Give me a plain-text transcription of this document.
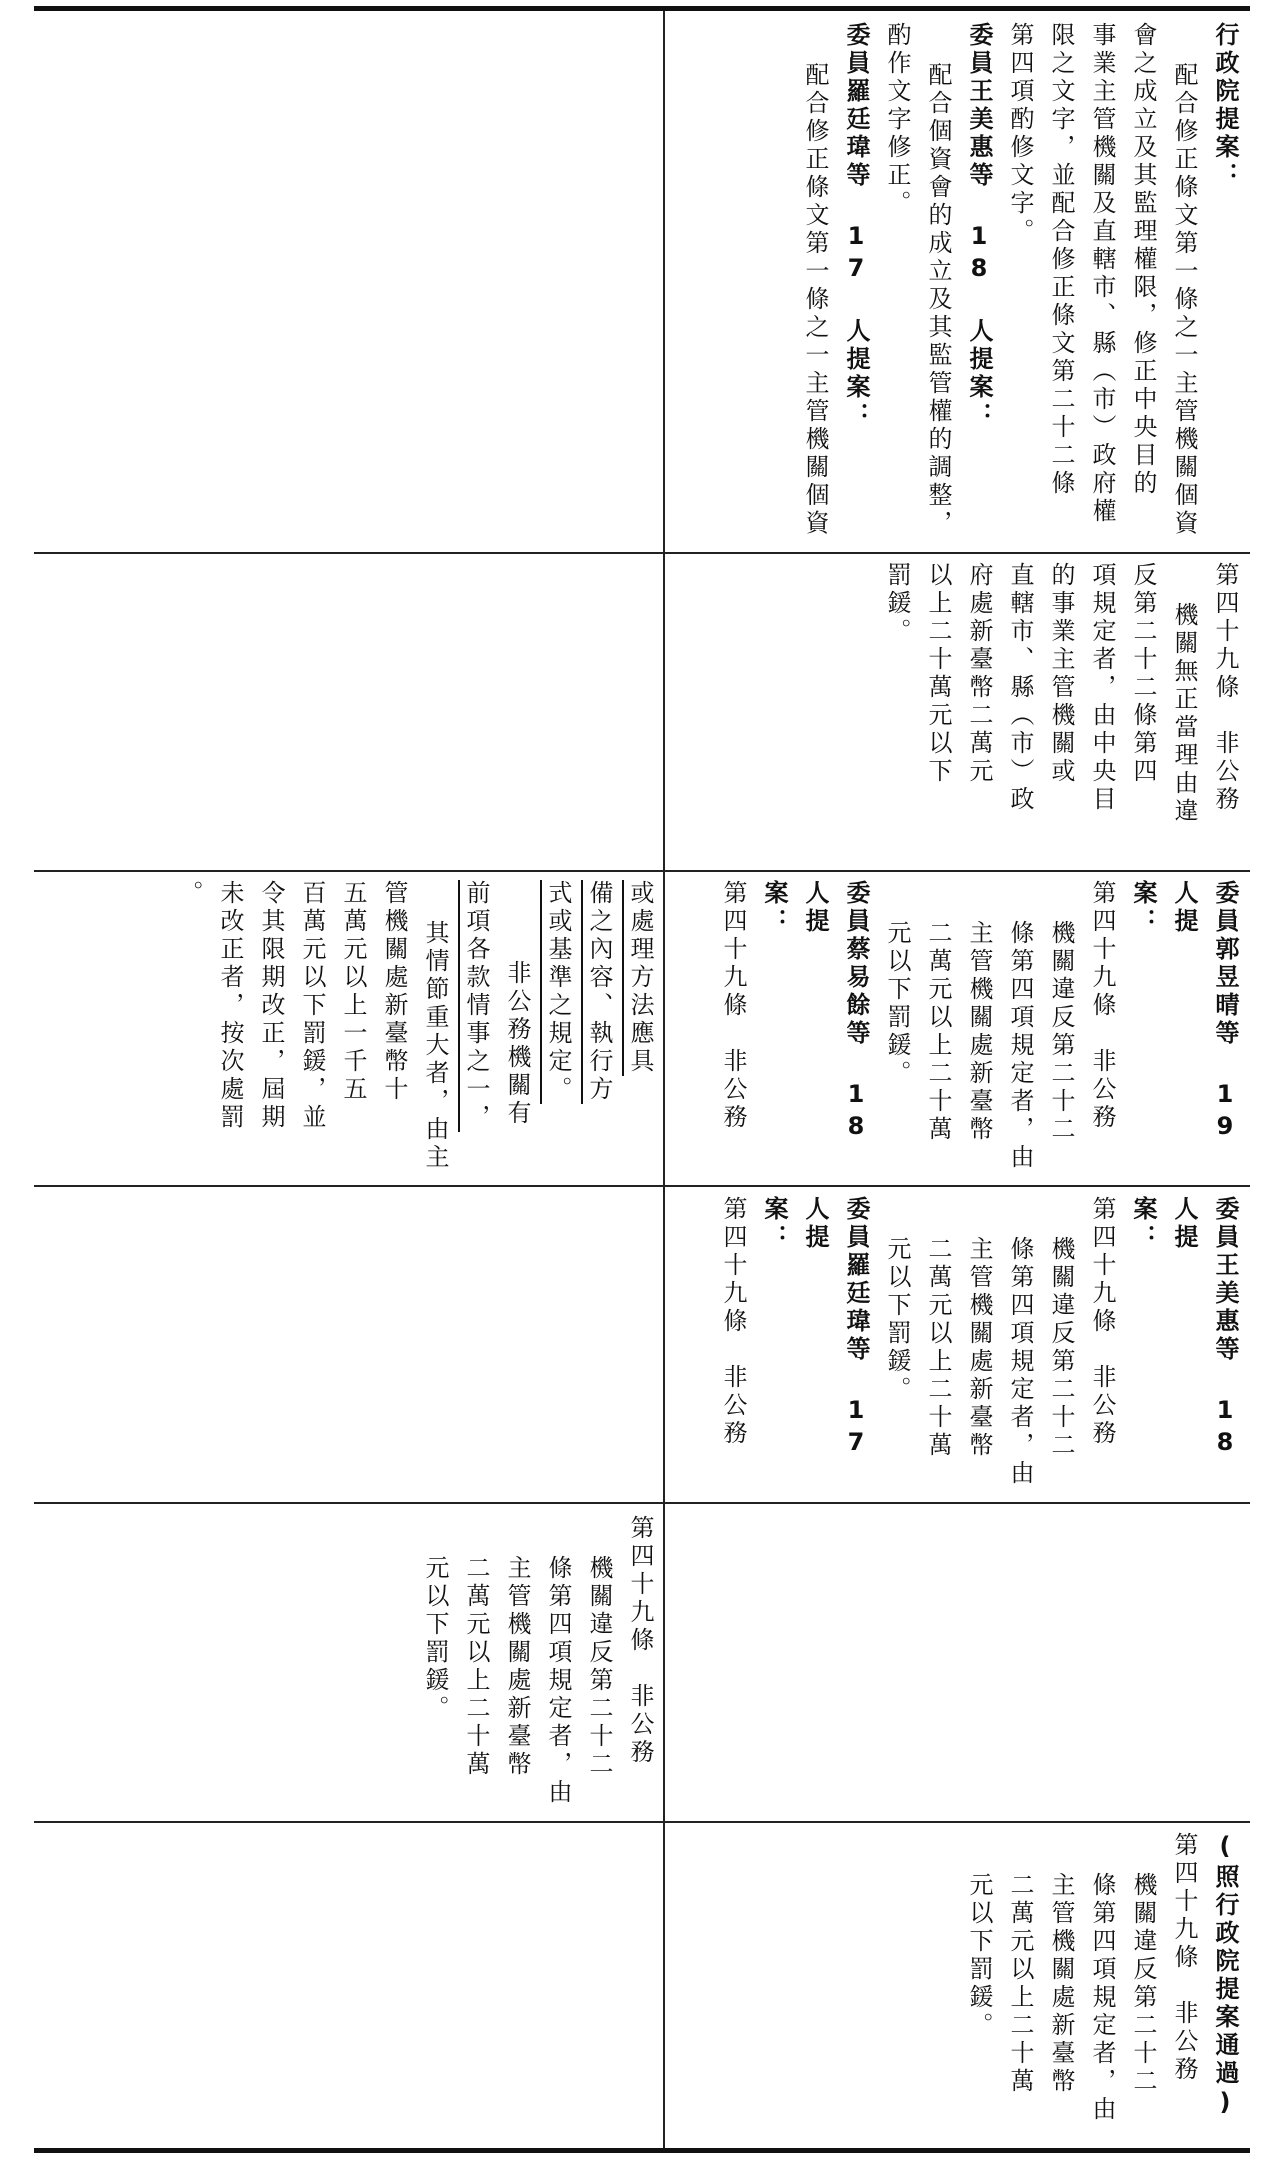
或處理方法應具
備之內容、執行方
式或基準之規定。
非公務機關有
前項各款情事之一，
其情節重大者，由主
管機關處新臺幣十
五萬元以上一千五
百萬元以下罰鍰，並
令其限期改正，屆期
未改正者，按次處罰
。
第四十九條　非公務
機關違反第二十二
條第四項規定者，由
主管機關處新臺幣
二萬元以上二十萬
元以下罰鍰。
行政院提案：
配合修正條文第一條之一主管機關個資
會之成立及其監理權限，修正中央目的
事業主管機關及直轄市、縣（市）政府權
限之文字，並配合修正條文第二十二條
第四項酌修文字。
委員王美惠等 18 人提案：
配合個資會的成立及其監管權的調整，
酌作文字修正。
委員羅廷瑋等 17 人提案：
配合修正條文第一條之一主管機關個資
第四十九條　非公務
機關無正當理由違
反第二十二條第四
項規定者，由中央目
的事業主管機關或
直轄市、縣（市）政
府處新臺幣二萬元
以上二十萬元以下
罰鍰。
委員郭昱晴等 19 人提
案：
第四十九條　非公務
機關違反第二十二
條第四項規定者，由
主管機關處新臺幣
二萬元以上二十萬
元以下罰鍰。
委員蔡易餘等 18 人提
案：
第四十九條　非公務
委員王美惠等 18 人提
案：
第四十九條　非公務
機關違反第二十二
條第四項規定者，由
主管機關處新臺幣
二萬元以上二十萬
元以下罰鍰。
委員羅廷瑋等 17 人提
案：
第四十九條　非公務
(照行政院提案通過)
第四十九條　非公務
機關違反第二十二
條第四項規定者，由
主管機關處新臺幣
二萬元以上二十萬
元以下罰鍰。
